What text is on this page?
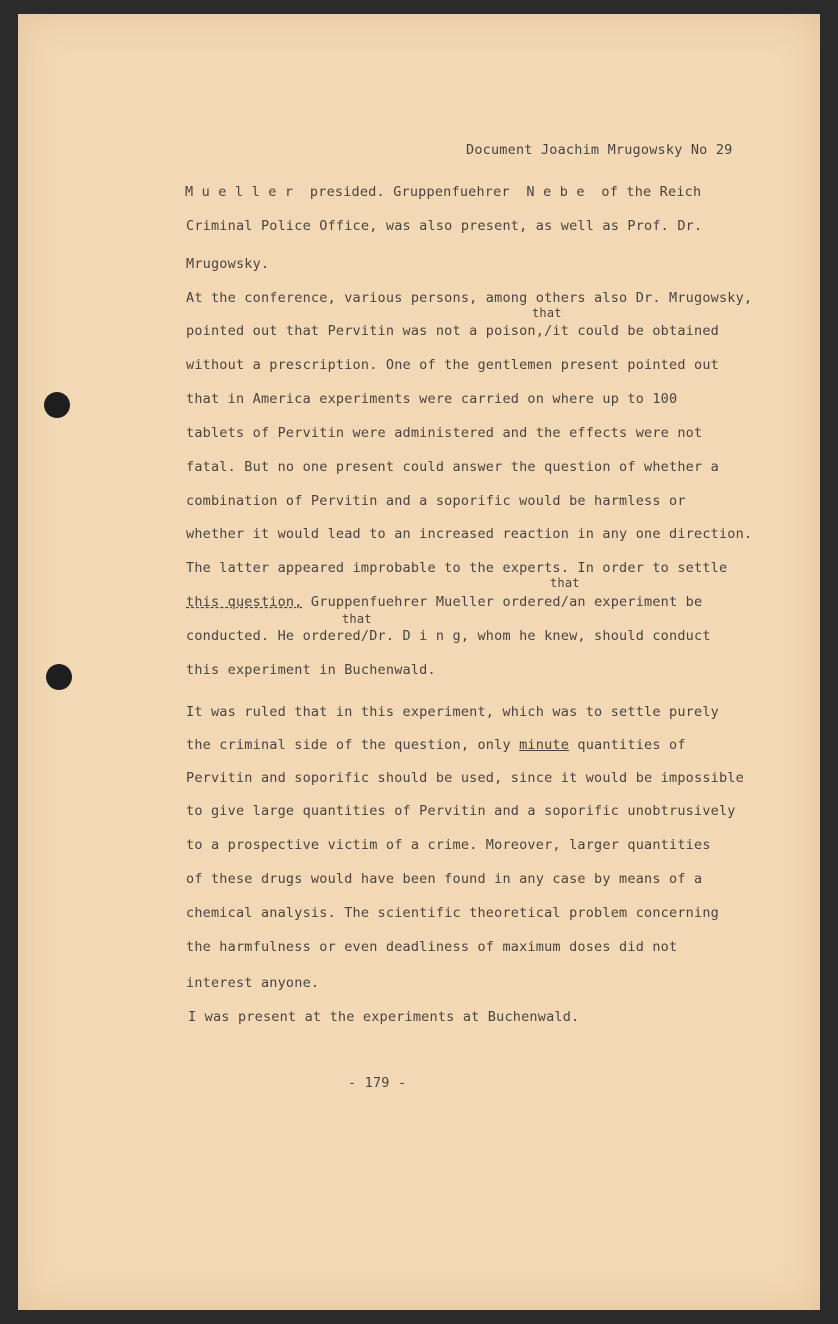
Document Joachim Mrugowsky No 29
M u e l l e r  presided. Gruppenfuehrer  N e b e  of the Reich
Criminal Police Office, was also present, as well as Prof. Dr.
Mrugowsky.
At the conference, various persons, among others also Dr. Mrugowsky,
pointed out that Pervitin was not a poison,/it could be obtained
without a prescription. One of the gentlemen present pointed out
that in America experiments were carried on where up to 100
tablets of Pervitin were administered and the effects were not
fatal. But no one present could answer the question of whether a
combination of Pervitin and a soporific would be harmless or
whether it would lead to an increased reaction in any one direction.
The latter appeared improbable to the experts. In order to settle
conducted. He ordered/Dr. D i n g, whom he knew, should conduct
this experiment in Buchenwald.
It was ruled that in this experiment, which was to settle purely
Pervitin and soporific should be used, since it would be impossible
to give large quantities of Pervitin and a soporific unobtrusively
to a prospective victim of a crime. Moreover, larger quantities
of these drugs would have been found in any case by means of a
chemical analysis. The scientific theoretical problem concerning
the harmfulness or even deadliness of maximum doses did not
interest anyone.
I was present at the experiments at Buchenwald.
this question, Gruppenfuehrer Mueller ordered/an experiment be
the criminal side of the question, only minute quantities of
that
that
that
- 179 -
